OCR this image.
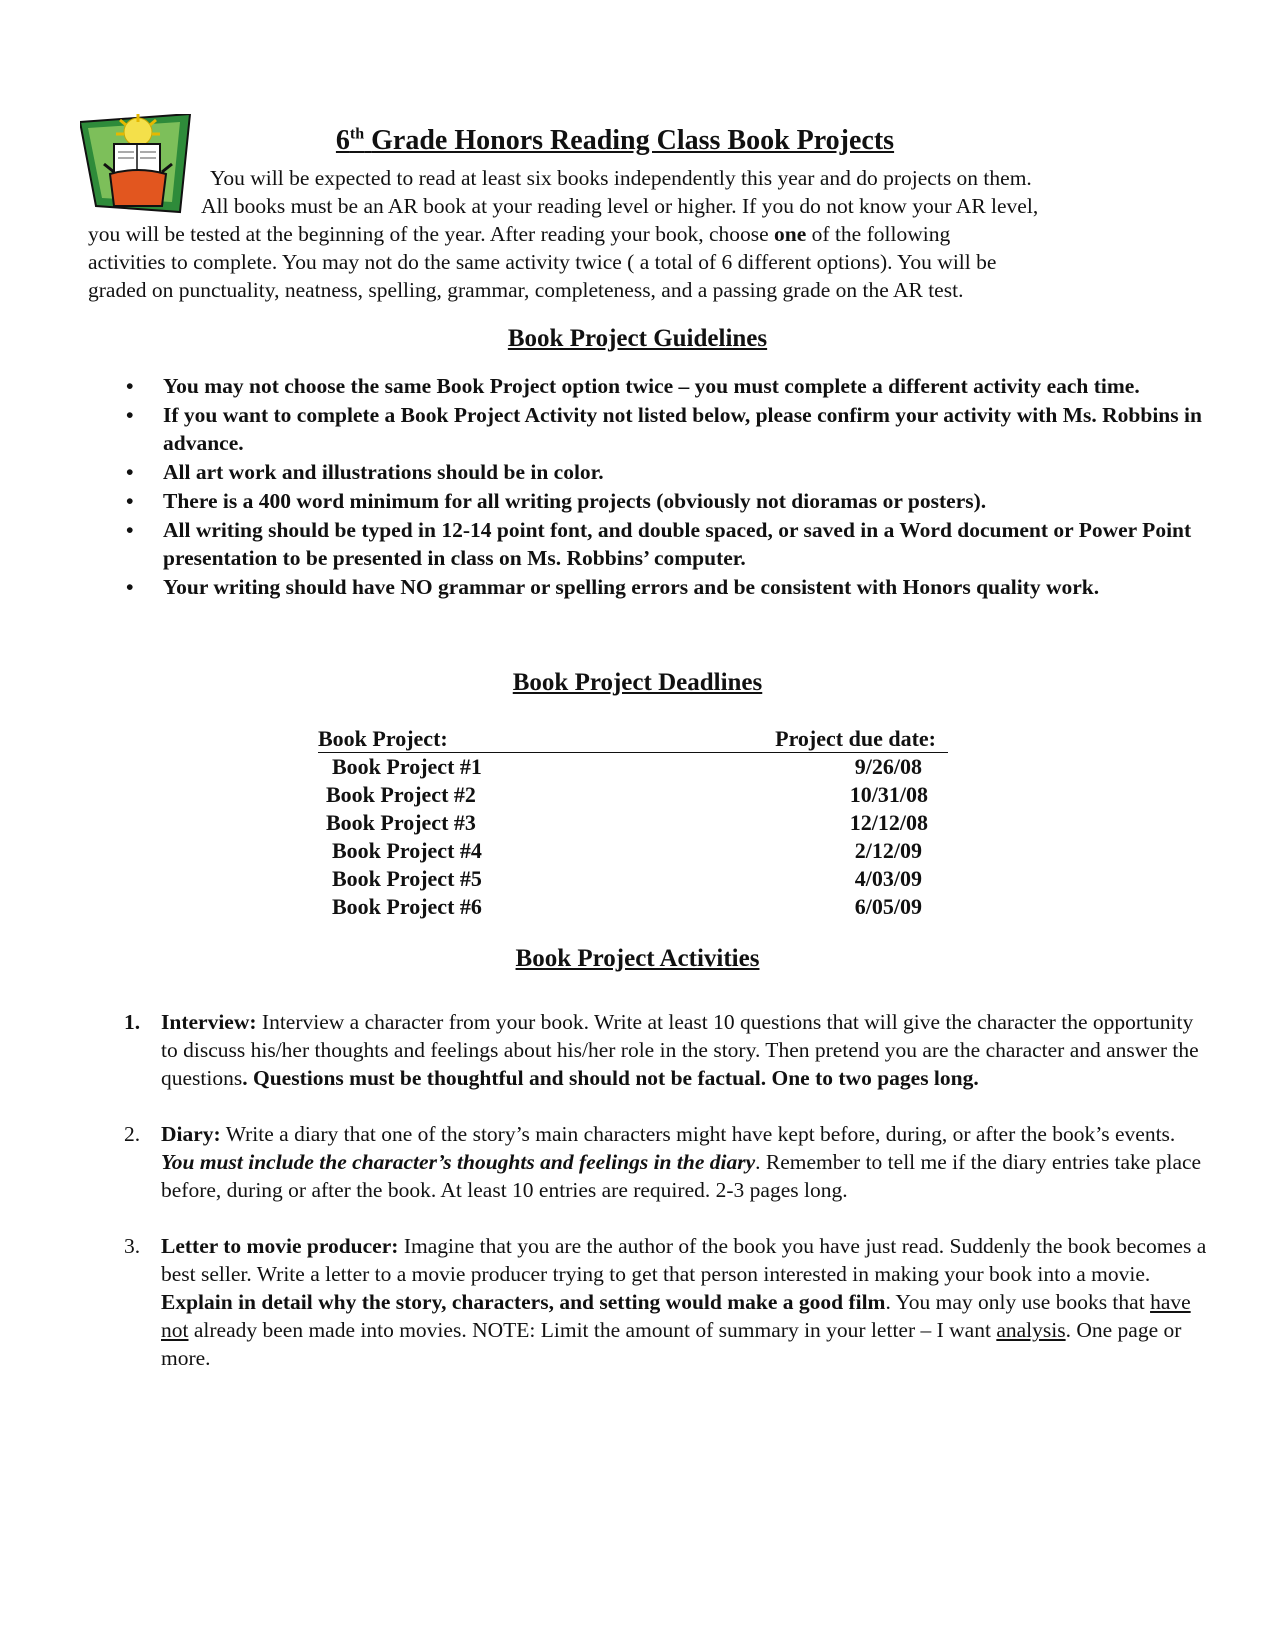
6th Grade Honors Reading Class Book Projects
You will be expected to read at least six books independently this year and do projects on them.
All books must be an AR book at your reading level or higher. If you do not know your AR level,
you will be tested at the beginning of the year. After reading your book, choose one of the following
activities to complete. You may not do the same activity twice ( a total of 6 different options). You will be
graded on punctuality, neatness, spelling, grammar, completeness, and a passing grade on the AR test.
Book Project Guidelines
• You may not choose the same Book Project option twice – you must complete a different activity each time.
• If you want to complete a Book Project Activity not listed below, please confirm your activity with Ms. Robbins in advance.
• All art work and illustrations should be in color.
• There is a 400 word minimum for all writing projects (obviously not dioramas or posters).
• All writing should be typed in 12-14 point font, and double spaced, or saved in a Word document or Power Point presentation to be presented in class on Ms. Robbins’ computer.
• Your writing should have NO grammar or spelling errors and be consistent with Honors quality work.
Book Project Deadlines
Book Project:	Project due date:
Book Project #1	9/26/08
Book Project #2	10/31/08
Book Project #3	12/12/08
Book Project #4	2/12/09
Book Project #5	4/03/09
Book Project #6	6/05/09
Book Project Activities
1. Interview: Interview a character from your book. Write at least 10 questions that will give the character the opportunity to discuss his/her thoughts and feelings about his/her role in the story. Then pretend you are the character and answer the questions. Questions must be thoughtful and should not be factual. One to two pages long.
2. Diary: Write a diary that one of the story’s main characters might have kept before, during, or after the book’s events. You must include the character’s thoughts and feelings in the diary. Remember to tell me if the diary entries take place before, during or after the book. At least 10 entries are required. 2-3 pages long.
3. Letter to movie producer: Imagine that you are the author of the book you have just read. Suddenly the book becomes a best seller. Write a letter to a movie producer trying to get that person interested in making your book into a movie. Explain in detail why the story, characters, and setting would make a good film. You may only use books that have not already been made into movies. NOTE: Limit the amount of summary in your letter – I want analysis. One page or more.
